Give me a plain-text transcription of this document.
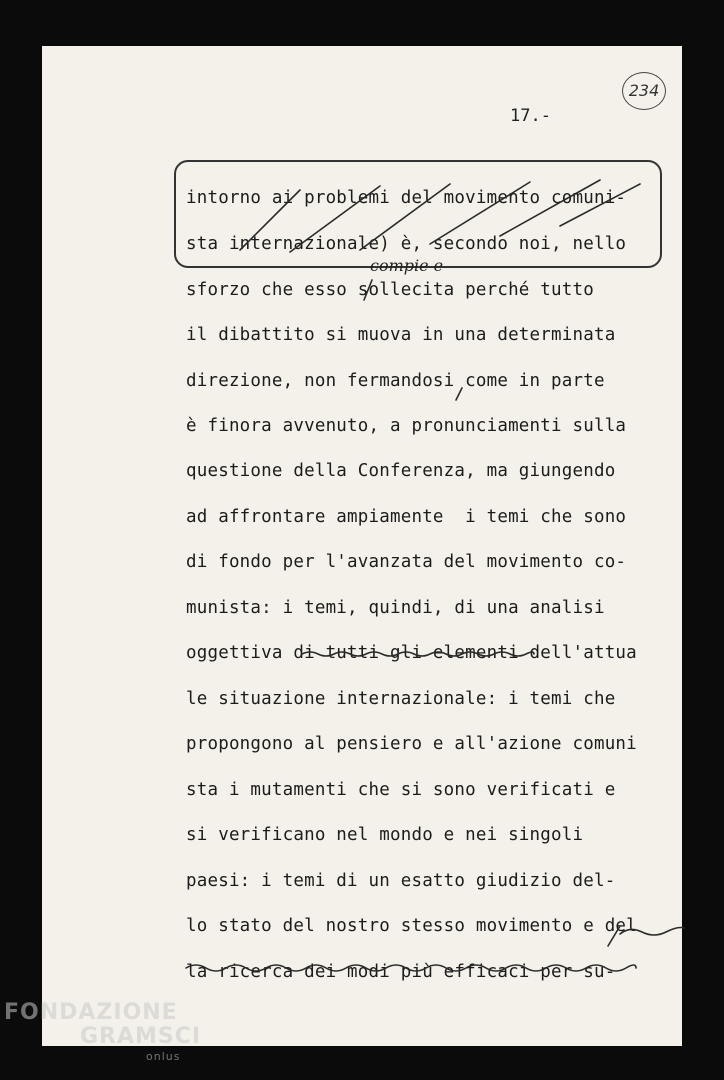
17.-
234
intorno ai problemi del movimento comuni-
sta internazionale) è, secondo noi, nello
sforzo che esso sollecita perché tutto
il dibattito si muova in una determinata
direzione, non fermandosi come in parte
è finora avvenuto, a pronunciamenti sulla
questione della Conferenza, ma giungendo
ad affrontare ampiamente  i temi che sono
di fondo per l'avanzata del movimento co-
munista: i temi, quindi, di una analisi
oggettiva di tutti gli elementi dell'attua
le situazione internazionale: i temi che
propongono al pensiero e all'azione comuni
sta i mutamenti che si sono verificati e
si verificano nel mondo e nei singoli
paesi: i temi di un esatto giudizio del-
lo stato del nostro stesso movimento e del
la ricerca dei modi più efficaci per su-
compie e
FONDAZIONE
GRAMSCI
onlus
